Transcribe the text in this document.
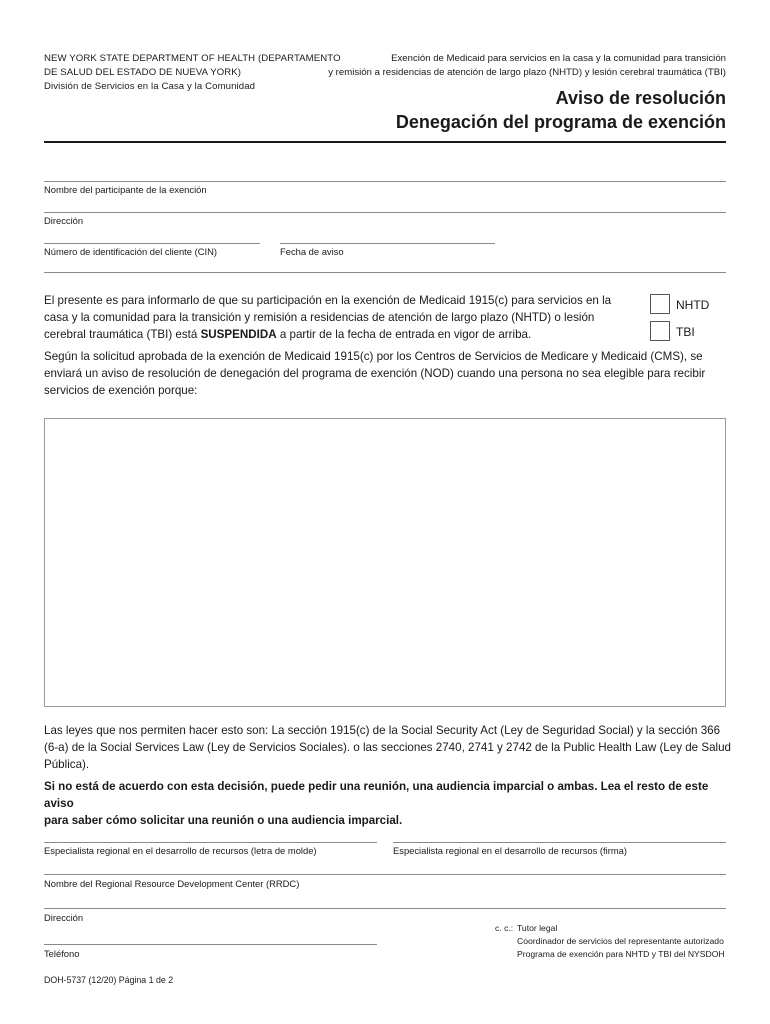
NEW YORK STATE DEPARTMENT OF HEALTH (DEPARTAMENTO
DE SALUD DEL ESTADO DE NUEVA YORK)
División de Servicios en la Casa y la Comunidad
Exención de Medicaid para servicios en la casa y la comunidad para transición
y remisión a residencias de atención de largo plazo (NHTD) y lesión cerebral traumática (TBI)
Aviso de resolución
Denegación del programa de exención
Nombre del participante de la exención
Dirección
Número de identificación del cliente (CIN)	Fecha de aviso
El presente es para informarlo de que su participación en la exención de Medicaid 1915(c) para servicios en la
casa y la comunidad para la transición y remisión a residencias de atención de largo plazo (NHTD) o lesión
cerebral traumática (TBI) está SUSPENDIDA a partir de la fecha de entrada en vigor de arriba.
NHTD
TBI
Según la solicitud aprobada de la exención de Medicaid 1915(c) por los Centros de Servicios de Medicare y Medicaid (CMS), se
enviará un aviso de resolución de denegación del programa de exención (NOD) cuando una persona no sea elegible para recibir
servicios de exención porque:
Las leyes que nos permiten hacer esto son: La sección 1915(c) de la Social Security Act (Ley de Seguridad Social) y la sección 366
(6-a) de la Social Services Law (Ley de Servicios Sociales). o las secciones 2740, 2741 y 2742 de la Public Health Law (Ley de Salud
Pública).
Si no está de acuerdo con esta decisión, puede pedir una reunión, una audiencia imparcial o ambas. Lea el resto de este aviso
para saber cómo solicitar una reunión o una audiencia imparcial.
Especialista regional en el desarrollo de recursos (letra de molde)	Especialista regional en el desarrollo de recursos (firma)
Nombre del Regional Resource Development Center (RRDC)
Dirección
Teléfono
c. c.: Tutor legal
Coordinador de servicios del representante autorizado
Programa de exención para NHTD y TBI del NYSDOH
DOH-5737 (12/20) Página 1 de 2
